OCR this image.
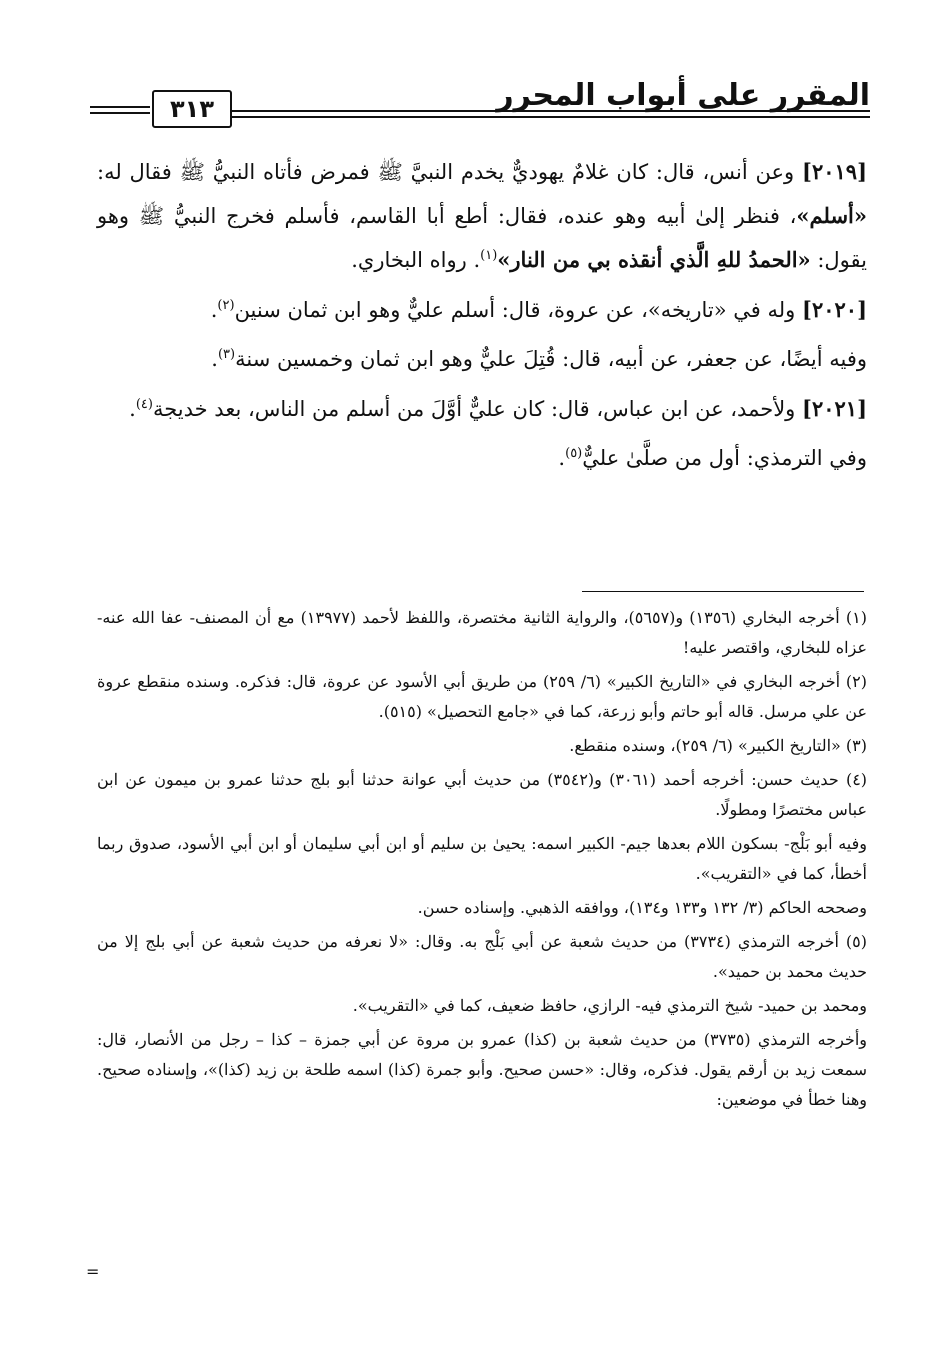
المقرر على أبواب المحرر
٣١٣

[٢٠١٩] وعن أنس، قال: كان غلامٌ يهوديٌّ يخدم النبيَّ ﷺ فمرض فأتاه النبيُّ ﷺ فقال له: «أسلم»، فنظر إلىٰ أبيه وهو عنده، فقال: أطع أبا القاسم، فأسلم فخرج النبيُّ ﷺ وهو يقول: «الحمدُ للهِ الَّذي أنقذه بي من النار»$^{(١)}$. رواه البخاري.

[٢٠٢٠] وله في «تاريخه»، عن عروة، قال: أسلم عليٌّ وهو ابن ثمان سنين$^{(٢)}$.

وفيه أيضًا، عن جعفر، عن أبيه، قال: قُتِلَ عليٌّ وهو ابن ثمان وخمسين سنة$^{(٣)}$.

[٢٠٢١] ولأحمد، عن ابن عباس، قال: كان عليٌّ أوَّلَ من أسلم من الناس، بعد خديجة$^{(٤)}$.

وفي الترمذي: أول من صلَّىٰ عليٌّ$^{(٥)}$.

(١) أخرجه البخاري (١٣٥٦) و(٥٦٥٧)، والرواية الثانية مختصرة، واللفظ لأحمد (١٣٩٧٧) مع أن المصنف- عفا الله عنه- عزاه للبخاري، واقتصر عليه!

(٢) أخرجه البخاري في «التاريخ الكبير» (٦/ ٢٥٩) من طريق أبي الأسود عن عروة، قال: فذكره. وسنده منقطع عروة عن علي مرسل. قاله أبو حاتم وأبو زرعة، كما في «جامع التحصيل» (٥١٥).

(٣) «التاريخ الكبير» (٦/ ٢٥٩)، وسنده منقطع.

(٤) حديث حسن: أخرجه أحمد (٣٠٦١) و(٣٥٤٢) من حديث أبي عوانة حدثنا أبو بلج حدثنا عمرو بن ميمون عن ابن عباس مختصرًا ومطولًا.

وفيه أبو بَلْج- بسكون اللام بعدها جيم- الكبير اسمه: يحيىٰ بن سليم أو ابن أبي سليمان أو ابن أبي الأسود، صدوق ربما أخطأ، كما في «التقريب».

وصححه الحاكم (٣/ ١٣٢ و١٣٣ و١٣٤)، ووافقه الذهبي. وإسناده حسن.

(٥) أخرجه الترمذي (٣٧٣٤) من حديث شعبة عن أبي بَلْج به. وقال: «لا نعرفه من حديث شعبة عن أبي بلج إلا من حديث محمد بن حميد».

ومحمد بن حميد- شيخ الترمذي فيه- الرازي، حافظ ضعيف، كما في «التقريب».

وأخرجه الترمذي (٣٧٣٥) من حديث شعبة بن (كذا) عمرو بن مروة عن أبي جمزة – كذا – رجل من الأنصار، قال: سمعت زيد بن أرقم يقول. فذكره، وقال: «حسن صحيح. وأبو جمرة (كذا) اسمه طلحة بن زيد (كذا)»، وإسناده صحيح. وهنا خطأ في موضعين:

=
